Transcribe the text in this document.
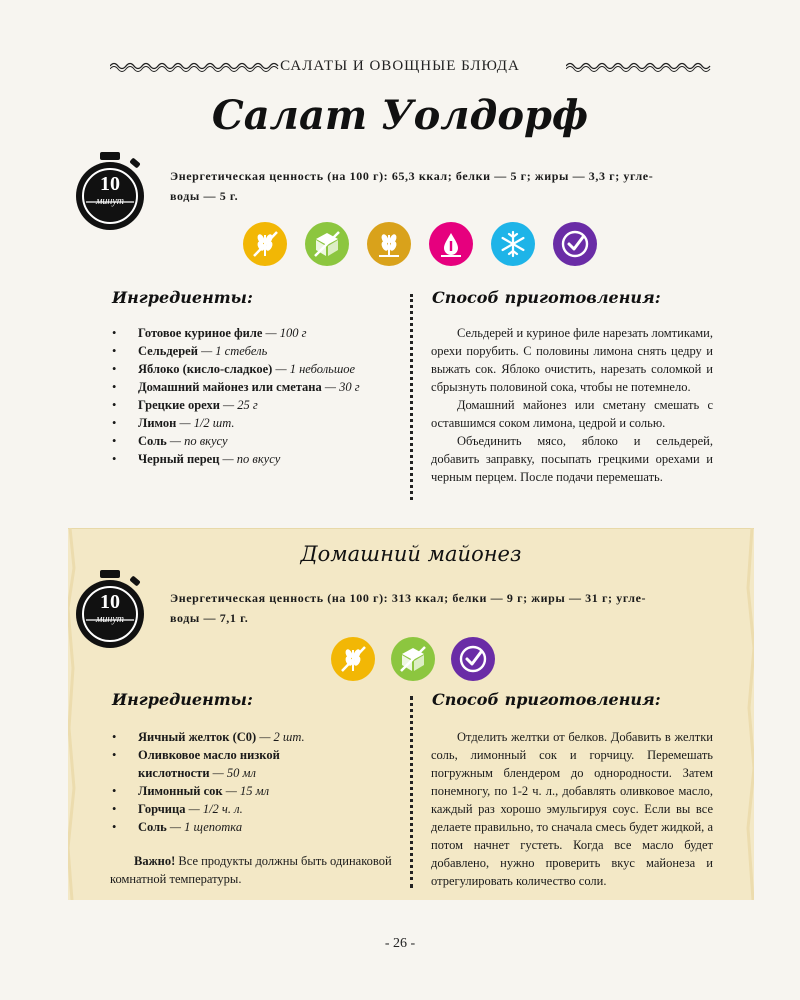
САЛАТЫ И ОВОЩНЫЕ БЛЮДА
Салат Уолдорф
10
минут
Энергетическая ценность (на 100 г): 65,3 ккал; белки — 5 г; жиры — 3,3 г; угле-
воды — 5 г.
Ингредиенты:
• Готовое куриное филе — 100 г
• Сельдерей — 1 стебель
• Яблоко (кисло-сладкое) — 1 небольшое
• Домашний майонез или сметана — 30 г
• Грецкие орехи — 25 г
• Лимон — 1/2 шт.
• Соль — по вкусу
• Черный перец — по вкусу
Способ приготовления:

Сельдерей и куриное филе нарезать ломтиками, орехи порубить. С половины лимона снять цедру и выжать сок. Яблоко очистить, нарезать соломкой и сбрызнуть половиной сока, чтобы не потемнело.

Домашний майонез или сметану смешать с оставшимся соком лимона, цедрой и солью.

Объединить мясо, яблоко и сельдерей, добавить заправку, посыпать грецкими орехами и черным перцем. После подачи перемешать.

Домашний майонез
10
минут
Энергетическая ценность (на 100 г): 313 ккал; белки — 9 г; жиры — 31 г; угле-
воды — 7,1 г.
Ингредиенты:
• Яичный желток (С0) — 2 шт.
• Оливковое масло низкой кислотности — 50 мл
• Лимонный сок — 15 мл
• Горчица — 1/2 ч. л.
• Соль — 1 щепотка
Важно! Все продукты должны быть одинаковой комнатной температуры.
Способ приготовления:

Отделить желтки от белков. Добавить в желтки соль, лимонный сок и горчицу. Перемешать погружным блендером до однородности. Затем понемногу, по 1-2 ч. л., добавлять оливковое масло, каждый раз хорошо эмульгируя соус. Если вы все делаете правильно, то сначала смесь будет жидкой, а потом начнет густеть. Когда все масло будет добавлено, нужно проверить вкус майонеза и отрегулировать количество соли.

- 26 -
